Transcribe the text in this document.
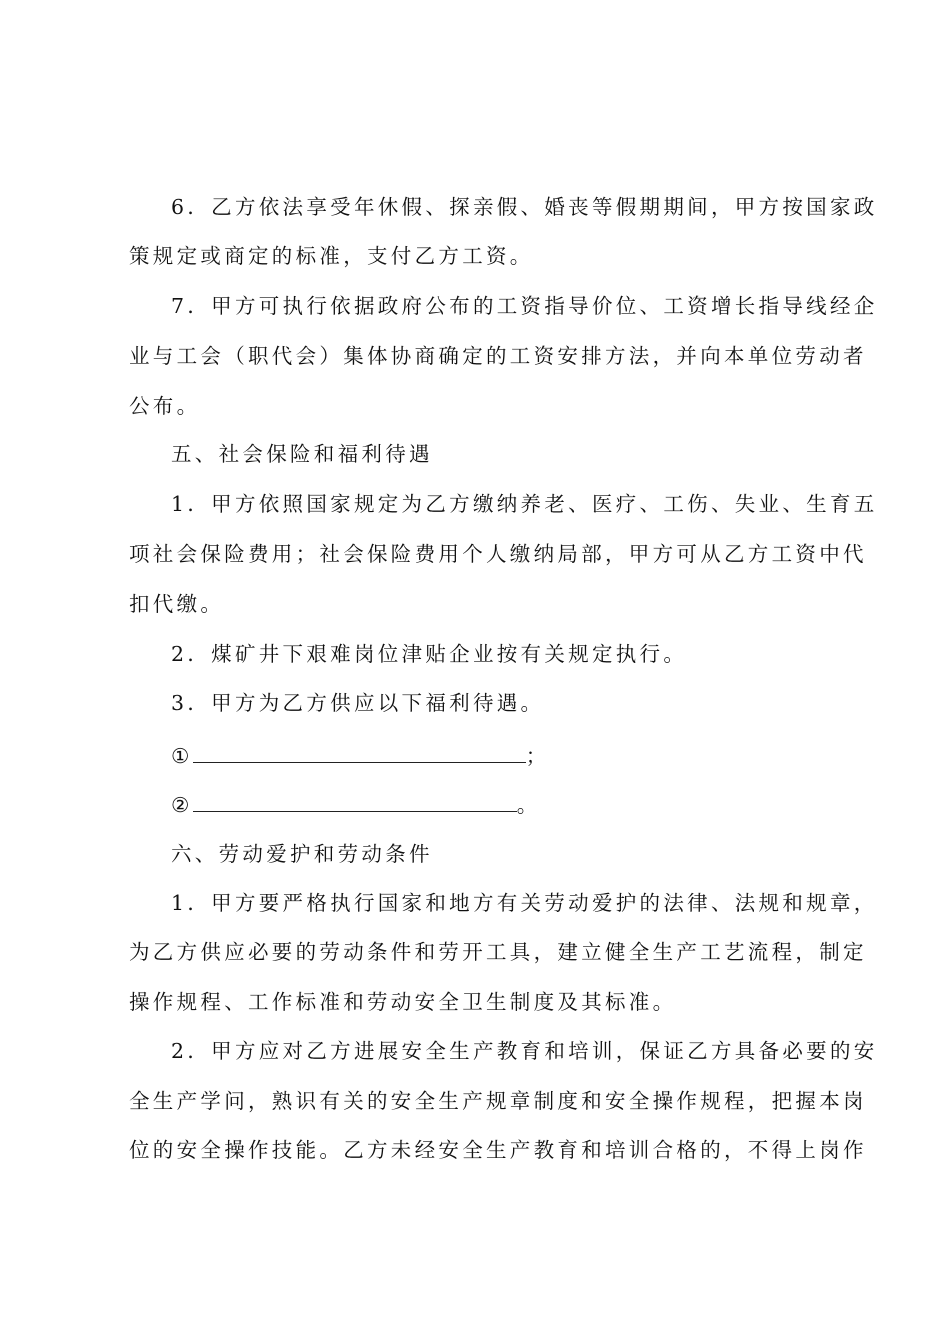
6．乙方依法享受年休假、探亲假、婚丧等假期期间，甲方按国家政

策规定或商定的标准，支付乙方工资。

7．甲方可执行依据政府公布的工资指导价位、工资增长指导线经企

业与工会（职代会）集体协商确定的工资安排方法，并向本单位劳动者

公布。

五、社会保险和福利待遇

1．甲方依照国家规定为乙方缴纳养老、医疗、工伤、失业、生育五

项社会保险费用；社会保险费用个人缴纳局部，甲方可从乙方工资中代

扣代缴。

2．煤矿井下艰难岗位津贴企业按有关规定执行。

3．甲方为乙方供应以下福利待遇。

①	；

②	。

六、劳动爱护和劳动条件

1．甲方要严格执行国家和地方有关劳动爱护的法律、法规和规章，

为乙方供应必要的劳动条件和劳开工具，建立健全生产工艺流程，制定

操作规程、工作标准和劳动安全卫生制度及其标准。

2．甲方应对乙方进展安全生产教育和培训，保证乙方具备必要的安

全生产学问，熟识有关的安全生产规章制度和安全操作规程，把握本岗

位的安全操作技能。乙方未经安全生产教育和培训合格的，不得上岗作
